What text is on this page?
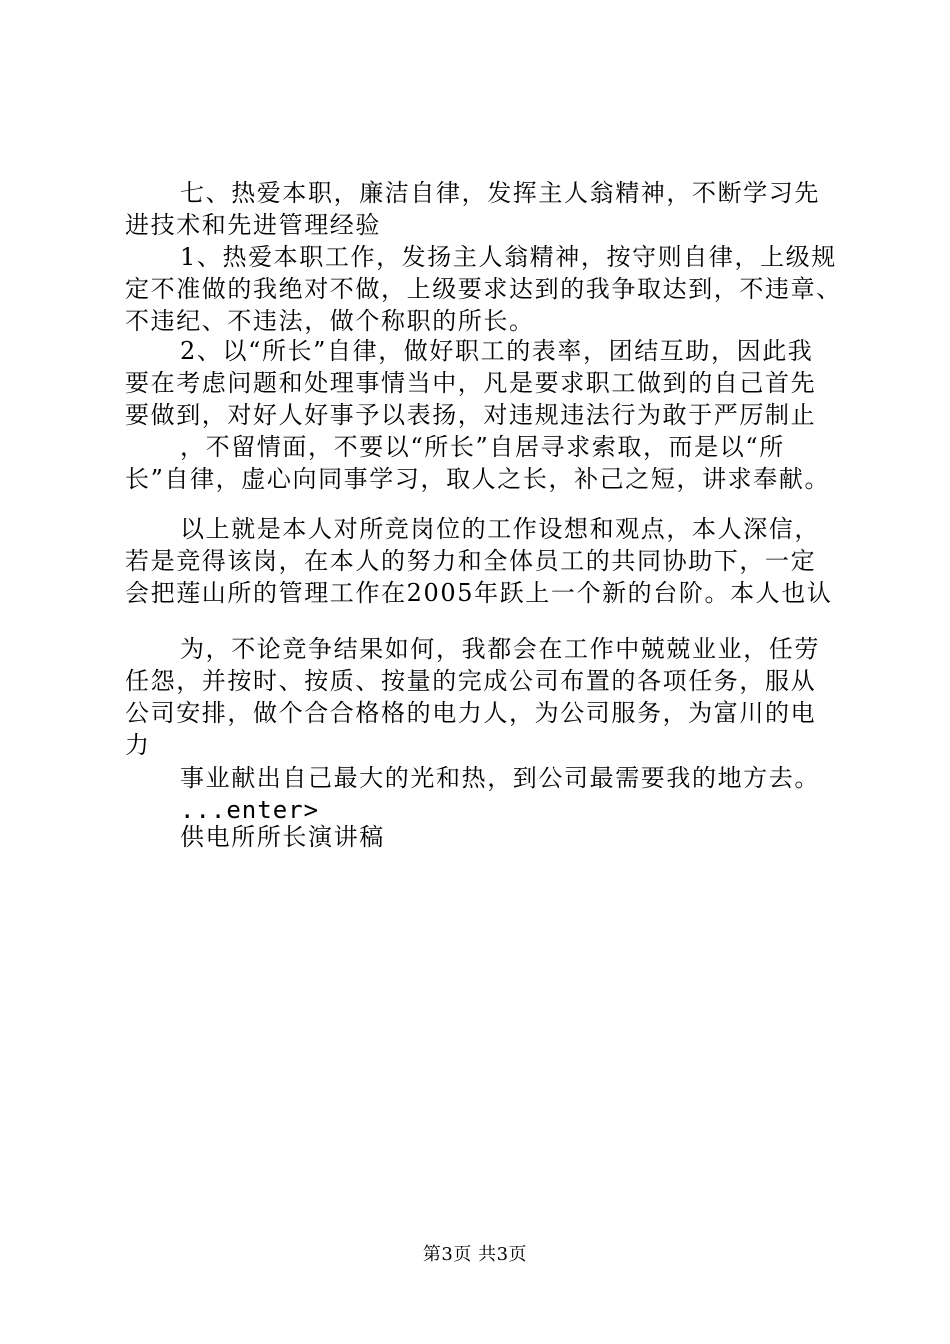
七、热爱本职，廉洁自律，发挥主人翁精神，不断学习先
进技术和先进管理经验
1、热爱本职工作，发扬主人翁精神，按守则自律，上级规
定不准做的我绝对不做，上级要求达到的我争取达到，不违章、
不违纪、不违法，做个称职的所长。
2、以“所长”自律，做好职工的表率，团结互助，因此我
要在考虑问题和处理事情当中，凡是要求职工做到的自己首先
要做到，对好人好事予以表扬，对违规违法行为敢于严厉制止
，不留情面，不要以“所长”自居寻求索取，而是以“所
长”自律，虚心向同事学习，取人之长，补己之短，讲求奉献。
以上就是本人对所竞岗位的工作设想和观点，本人深信，
若是竞得该岗，在本人的努力和全体员工的共同协助下，一定
会把莲山所的管理工作在2005年跃上一个新的台阶。本人也认
为，不论竞争结果如何，我都会在工作中兢兢业业，任劳
任怨，并按时、按质、按量的完成公司布置的各项任务，服从
公司安排，做个合合格格的电力人，为公司服务，为富川的电
力
事业献出自己最大的光和热，到公司最需要我的地方去。
...enter>
供电所所长演讲稿
第3页 共3页
